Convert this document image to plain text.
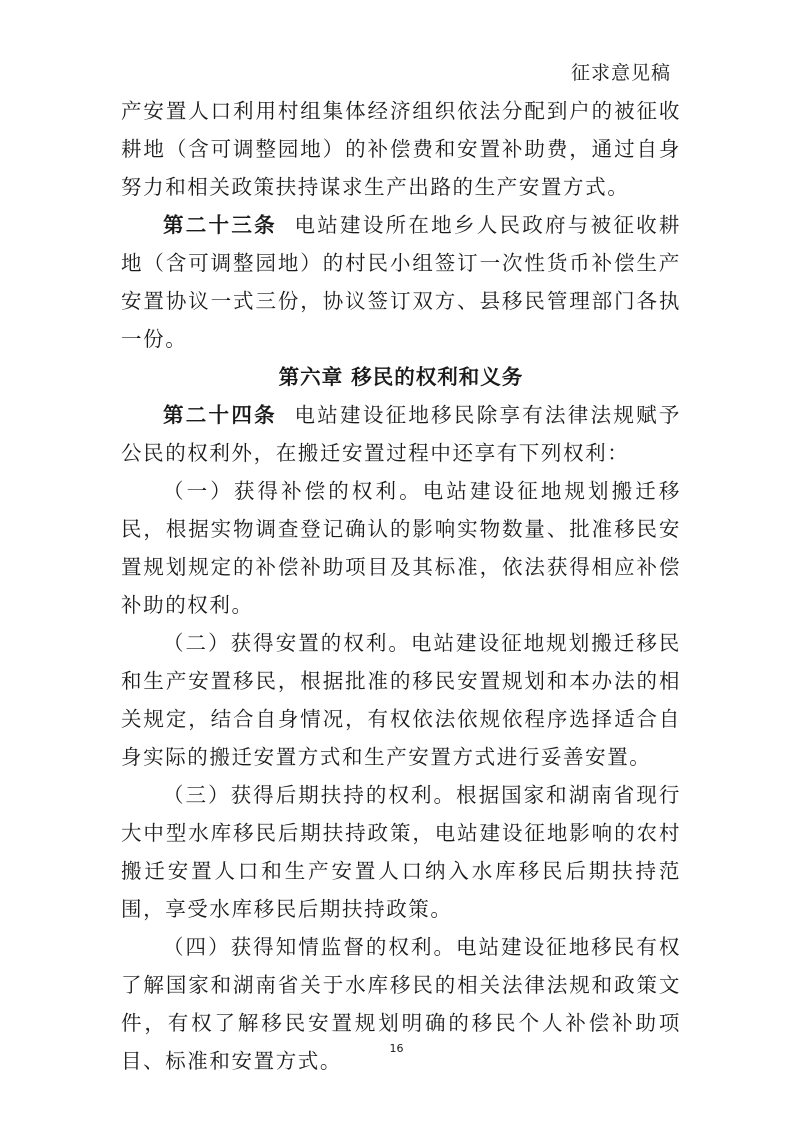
征求意见稿

产安置人口利用村组集体经济组织依法分配到户的被征收耕地（含可调整园地）的补偿费和安置补助费，通过自身努力和相关政策扶持谋求生产出路的生产安置方式。

第二十三条 电站建设所在地乡人民政府与被征收耕地（含可调整园地）的村民小组签订一次性货币补偿生产安置协议一式三份，协议签订双方、县移民管理部门各执一份。

第六章 移民的权利和义务

第二十四条 电站建设征地移民除享有法律法规赋予公民的权利外，在搬迁安置过程中还享有下列权利：

（一）获得补偿的权利。电站建设征地规划搬迁移民，根据实物调查登记确认的影响实物数量、批准移民安置规划规定的补偿补助项目及其标准，依法获得相应补偿补助的权利。

（二）获得安置的权利。电站建设征地规划搬迁移民和生产安置移民，根据批准的移民安置规划和本办法的相关规定，结合自身情况，有权依法依规依程序选择适合自身实际的搬迁安置方式和生产安置方式进行妥善安置。

（三）获得后期扶持的权利。根据国家和湖南省现行大中型水库移民后期扶持政策，电站建设征地影响的农村搬迁安置人口和生产安置人口纳入水库移民后期扶持范围，享受水库移民后期扶持政策。

（四）获得知情监督的权利。电站建设征地移民有权了解国家和湖南省关于水库移民的相关法律法规和政策文件，有权了解移民安置规划明确的移民个人补偿补助项目、标准和安置方式。

16
